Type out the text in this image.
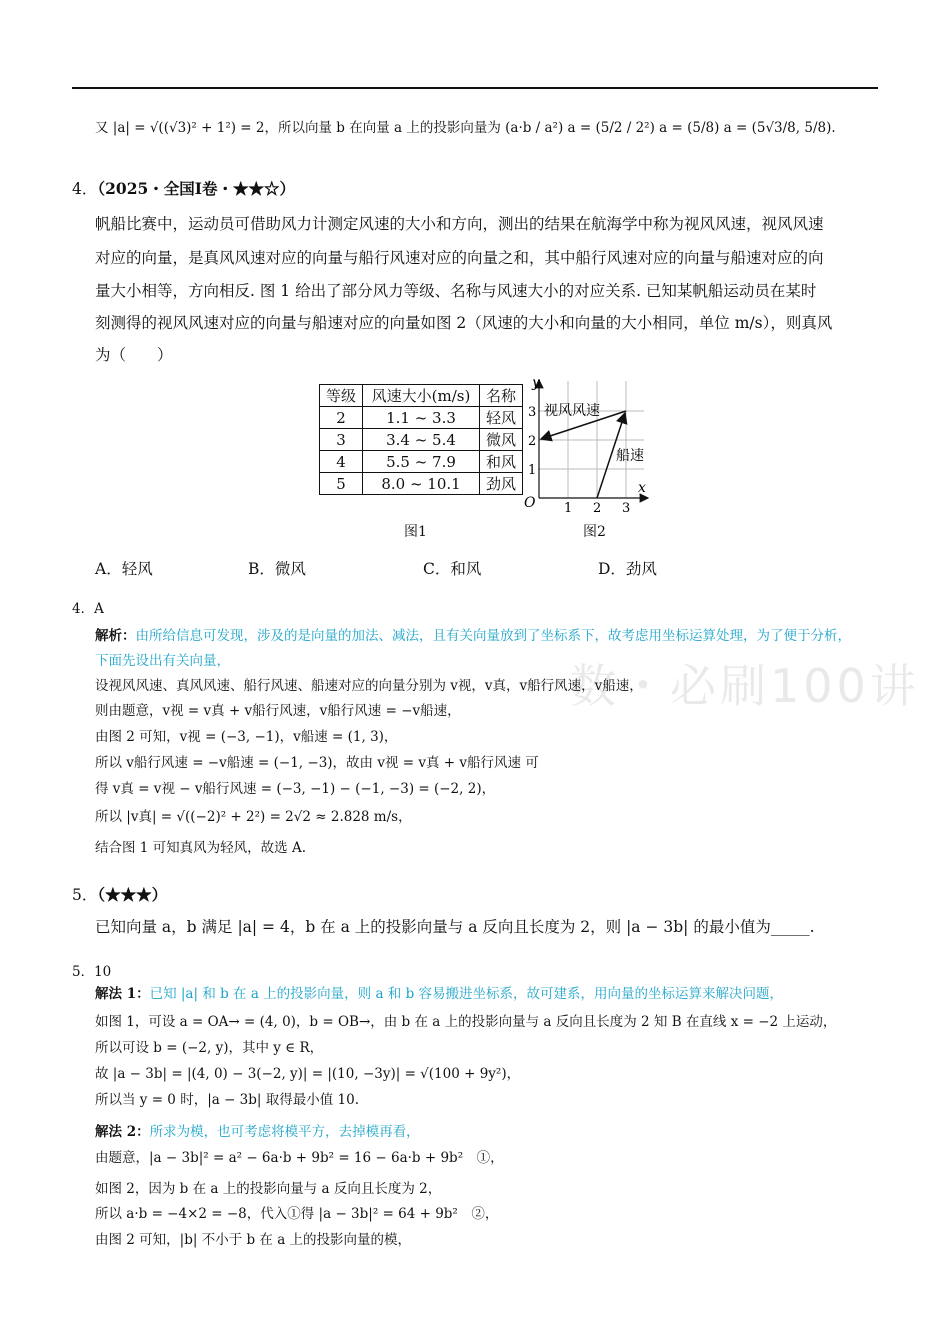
又 |a| = √((√3)² + 1²) = 2，所以向量 b 在向量 a 上的投影向量为 (a·b / a²) a = (5/2 / 2²) a = (5/8) a = (5√3/8, 5/8).
4．（2025・全国Ⅰ卷・★★☆）
帆船比赛中，运动员可借助风力计测定风速的大小和方向，测出的结果在航海学中称为视风风速，视风风速
对应的向量，是真风风速对应的向量与船行风速对应的向量之和，其中船行风速对应的向量与船速对应的向
量大小相等，方向相反. 图 1 给出了部分风力等级、名称与风速大小的对应关系. 已知某帆船运动员在某时
刻测得的视风风速对应的向量与船速对应的向量如图 2（风速的大小和向量的大小相同，单位 m/s），则真风
为（　　）
等级	风速大小(m/s)	名称
2	1.1 ~ 3.3	轻风
3	3.4 ~ 5.4	微风
4	5.5 ~ 7.9	和风
5	8.0 ~ 10.1	劲风
y
x
O 1 2 3
1
2
3 视风风速
船速
图1	图2
A．轻风	B．微风	C．和风	D．劲风
一数・必刷100讲
4．A
解析：由所给信息可发现，涉及的是向量的加法、减法，且有关向量放到了坐标系下，故考虑用坐标运算处理，为了便于分析，
下面先设出有关向量，
设视风风速、真风风速、船行风速、船速对应的向量分别为 v视，v真，v船行风速，v船速，
则由题意，v视 = v真 + v船行风速，v船行风速 = −v船速，
由图 2 可知，v视 = (−3, −1)，v船速 = (1, 3)，
所以 v船行风速 = −v船速 = (−1, −3)，故由 v视 = v真 + v船行风速 可
得 v真 = v视 − v船行风速 = (−3, −1) − (−1, −3) = (−2, 2)，
所以 |v真| = √((−2)² + 2²) = 2√2 ≈ 2.828 m/s，
结合图 1 可知真风为轻风，故选 A.
5．（★★★）
已知向量 a，b 满足 |a| = 4，b 在 a 上的投影向量与 a 反向且长度为 2，则 |a − 3b| 的最小值为_____.
5．10
解法 1：已知 |a| 和 b 在 a 上的投影向量，则 a 和 b 容易搬进坐标系，故可建系，用向量的坐标运算来解决问题，
如图 1，可设 a = OA→ = (4, 0)，b = OB→，由 b 在 a 上的投影向量与 a 反向且长度为 2 知 B 在直线 x = −2 上运动，
所以可设 b = (−2, y)，其中 y ∈ R，
故 |a − 3b| = |(4, 0) − 3(−2, y)| = |(10, −3y)| = √(100 + 9y²)，
所以当 y = 0 时，|a − 3b| 取得最小值 10.
解法 2：所求为模，也可考虑将模平方，去掉模再看，
由题意，|a − 3b|² = a² − 6a·b + 9b² = 16 − 6a·b + 9b²　①，
如图 2，因为 b 在 a 上的投影向量与 a 反向且长度为 2，
所以 a·b = −4×2 = −8，代入①得 |a − 3b|² = 64 + 9b²　②，
由图 2 可知，|b| 不小于 b 在 a 上的投影向量的模，
